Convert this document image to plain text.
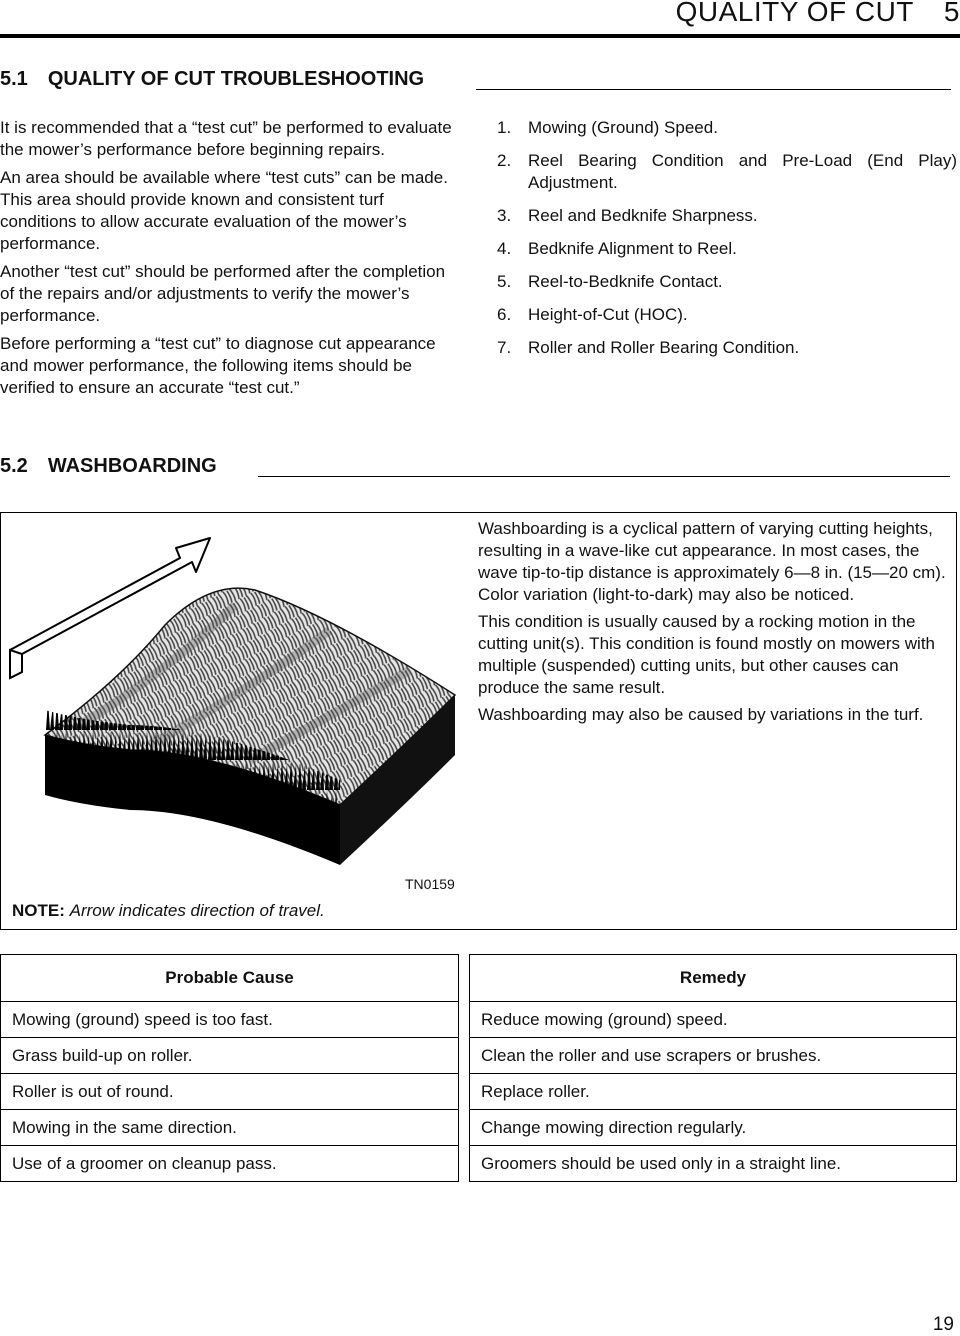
QUALITY OF CUT 5
5.1 QUALITY OF CUT TROUBLESHOOTING

It is recommended that a “test cut” be performed to evaluate the mower’s performance before beginning repairs.

An area should be available where “test cuts” can be made. This area should provide known and consistent turf conditions to allow accurate evaluation of the mower’s performance.

Another “test cut” should be performed after the completion of the repairs and/or adjustments to verify the mower’s performance.

Before performing a “test cut” to diagnose cut appearance and mower performance, the following items should be verified to ensure an accurate “test cut.”

1. Mowing (Ground) Speed.
2. Reel Bearing Condition and Pre-Load (End Play) Adjustment.
3. Reel and Bedknife Sharpness.
4. Bedknife Alignment to Reel.
5. Reel-to-Bedknife Contact.
6. Height-of-Cut (HOC).
7. Roller and Roller Bearing Condition.
5.2 WASHBOARDING

Washboarding is a cyclical pattern of varying cutting heights, resulting in a wave-like cut appearance. In most cases, the wave tip-to-tip distance is approximately 6—8 in. (15—20 cm). Color variation (light-to-dark) may also be noticed.

This condition is usually caused by a rocking motion in the cutting unit(s). This condition is found mostly on mowers with multiple (suspended) cutting units, but other causes can produce the same result.

Washboarding may also be caused by variations in the turf.

TN0159
NOTE: Arrow indicates direction of travel.
Probable Cause		Remedy
Mowing (ground) speed is too fast.		Reduce mowing (ground) speed.
Grass build-up on roller.		Clean the roller and use scrapers or brushes.
Roller is out of round.		Replace roller.
Mowing in the same direction.		Change mowing direction regularly.
Use of a groomer on cleanup pass.		Groomers should be used only in a straight line.
19
